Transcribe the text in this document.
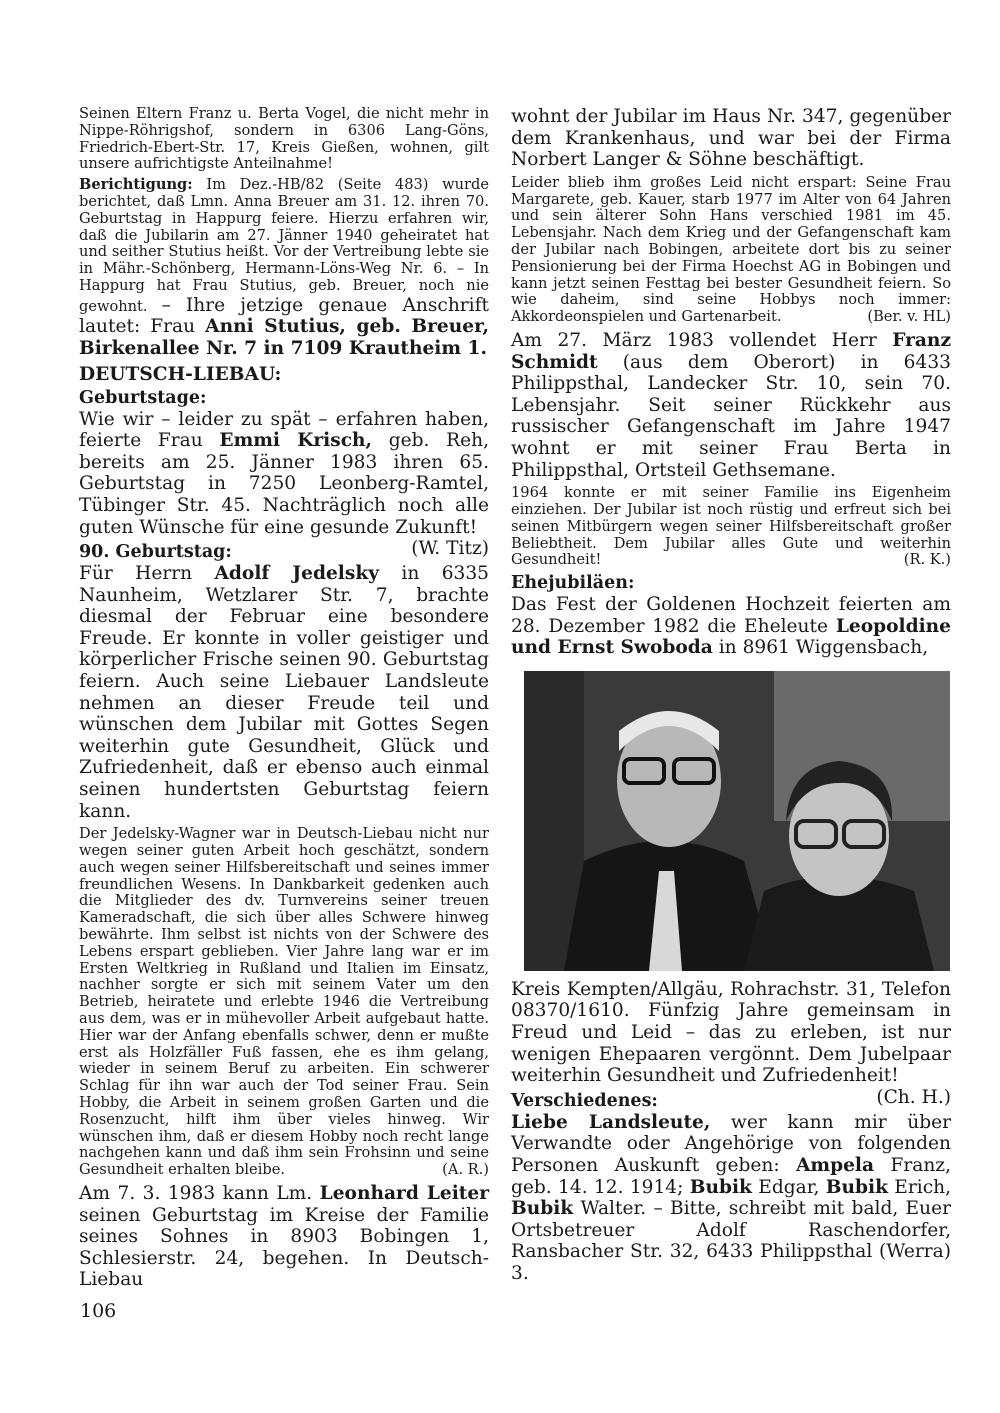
Seinen Eltern Franz u. Berta Vogel, die nicht mehr in Nippe-Röhrigshof, sondern in 6306 Lang-Göns, Friedrich-Ebert-Str. 17, Kreis Gießen, wohnen, gilt unsere aufrichtigste Anteilnahme!

Berichtigung: Im Dez.-HB/82 (Seite 483) wurde berichtet, daß Lmn. Anna Breuer am 31. 12. ihren 70. Geburtstag in Happurg feiere. Hierzu erfahren wir, daß die Jubilarin am 27. Jänner 1940 geheiratet hat und seither Stutius heißt. Vor der Vertreibung lebte sie in Mähr.-Schönberg, Hermann-Löns-Weg Nr. 6. – In Happurg hat Frau Stutius, geb. Breuer, noch nie gewohnt. – Ihre jetzige genaue Anschrift lautet: Frau Anni Stutius, geb. Breuer, Birkenallee Nr. 7 in 7109 Krautheim 1.

DEUTSCH-LIEBAU:

Geburtstage:

Wie wir – leider zu spät – erfahren haben, feierte Frau Emmi Krisch, geb. Reh, bereits am 25. Jänner 1983 ihren 65. Geburtstag in 7250 Leonberg-Ramtel, Tübinger Str. 45. Nachträglich noch alle guten Wünsche für eine gesunde Zukunft!
(W. Titz)

90. Geburtstag:

Für Herrn Adolf Jedelsky in 6335 Naunheim, Wetzlarer Str. 7, brachte diesmal der Februar eine besondere Freude. Er konnte in voller geistiger und körperlicher Frische seinen 90. Geburtstag feiern. Auch seine Liebauer Landsleute nehmen an dieser Freude teil und wünschen dem Jubilar mit Gottes Segen weiterhin gute Gesundheit, Glück und Zufriedenheit, daß er ebenso auch einmal seinen hundertsten Geburtstag feiern kann.

Der Jedelsky-Wagner war in Deutsch-Liebau nicht nur wegen seiner guten Arbeit hoch geschätzt, sondern auch wegen seiner Hilfsbereitschaft und seines immer freundlichen Wesens. In Dankbarkeit gedenken auch die Mitglieder des dv. Turnvereins seiner treuen Kameradschaft, die sich über alles Schwere hinweg bewährte. Ihm selbst ist nichts von der Schwere des Lebens erspart geblieben. Vier Jahre lang war er im Ersten Weltkrieg in Rußland und Italien im Einsatz, nachher sorgte er sich mit seinem Vater um den Betrieb, heiratete und erlebte 1946 die Vertreibung aus dem, was er in mühevoller Arbeit aufgebaut hatte. Hier war der Anfang ebenfalls schwer, denn er mußte erst als Holzfäller Fuß fassen, ehe es ihm gelang, wieder in seinem Beruf zu arbeiten. Ein schwerer Schlag für ihn war auch der Tod seiner Frau. Sein Hobby, die Arbeit in seinem großen Garten und die Rosenzucht, hilft ihm über vieles hinweg. Wir wünschen ihm, daß er diesem Hobby noch recht lange nachgehen kann und daß ihm sein Frohsinn und seine Gesundheit erhalten bleibe.	(A. R.)

Am 7. 3. 1983 kann Lm. Leonhard Leiter seinen Geburtstag im Kreise der Familie seines Sohnes in 8903 Bobingen 1, Schlesierstr. 24, begehen. In Deutsch-Liebau

wohnt der Jubilar im Haus Nr. 347, gegenüber dem Krankenhaus, und war bei der Firma Norbert Langer & Söhne beschäftigt.

Leider blieb ihm großes Leid nicht erspart: Seine Frau Margarete, geb. Kauer, starb 1977 im Alter von 64 Jahren und sein älterer Sohn Hans verschied 1981 im 45. Lebensjahr. Nach dem Krieg und der Gefangenschaft kam der Jubilar nach Bobingen, arbeitete dort bis zu seiner Pensionierung bei der Firma Hoechst AG in Bobingen und kann jetzt seinen Festtag bei bester Gesundheit feiern. So wie daheim, sind seine Hobbys noch immer: Akkordeonspielen und Gartenarbeit.	(Ber. v. HL)

Am 27. März 1983 vollendet Herr Franz Schmidt (aus dem Oberort) in 6433 Philippsthal, Landecker Str. 10, sein 70. Lebensjahr. Seit seiner Rückkehr aus russischer Gefangenschaft im Jahre 1947 wohnt er mit seiner Frau Berta in Philippsthal, Ortsteil Gethsemane.

1964 konnte er mit seiner Familie ins Eigenheim einziehen. Der Jubilar ist noch rüstig und erfreut sich bei seinen Mitbürgern wegen seiner Hilfsbereitschaft großer Beliebtheit. Dem Jubilar alles Gute und weiterhin Gesundheit!	(R. K.)

Ehejubiläen:

Das Fest der Goldenen Hochzeit feierten am 28. Dezember 1982 die Eheleute Leopoldine und Ernst Swoboda in 8961 Wiggensbach,

Kreis Kempten/Allgäu, Rohrachstr. 31, Telefon 08370/1610. Fünfzig Jahre gemeinsam in Freud und Leid – das zu erleben, ist nur wenigen Ehepaaren vergönnt. Dem Jubelpaar weiterhin Gesundheit und Zufriedenheit!
(Ch. H.)

Verschiedenes:

Liebe Landsleute, wer kann mir über Verwandte oder Angehörige von folgenden Personen Auskunft geben: Ampela Franz, geb. 14. 12. 1914; Bubik Edgar, Bubik Erich, Bubik Walter. – Bitte, schreibt mit bald, Euer Ortsbetreuer Adolf Raschendorfer, Ransbacher Str. 32, 6433 Philippsthal (Werra) 3.

106
